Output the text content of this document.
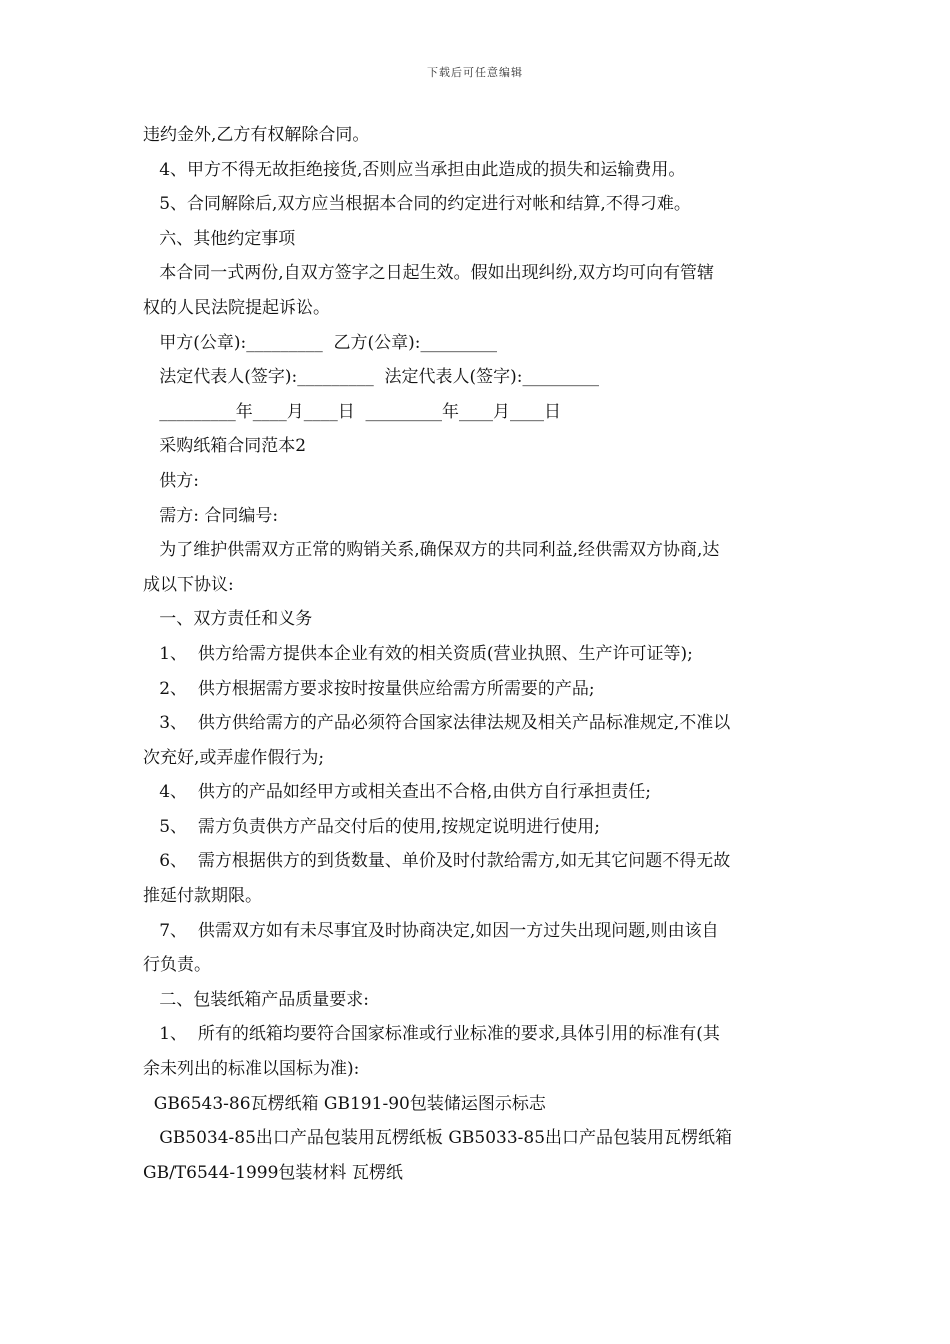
下载后可任意编辑

违约金外,乙方有权解除合同。

4、甲方不得无故拒绝接货,否则应当承担由此造成的损失和运输费用。

5、合同解除后,双方应当根据本合同的约定进行对帐和结算,不得刁难。

六、其他约定事项

本合同一式两份,自双方签字之日起生效。假如出现纠纷,双方均可向有管辖

权的人民法院提起诉讼。

甲方(公章):_________  乙方(公章):_________

法定代表人(签字):_________  法定代表人(签字):_________

_________年____月____日  _________年____月____日

采购纸箱合同范本2

供方:

需方: 合同编号:

为了维护供需双方正常的购销关系,确保双方的共同利益,经供需双方协商,达

成以下协议:

一、双方责任和义务

1、  供方给需方提供本企业有效的相关资质(营业执照、生产许可证等);

2、  供方根据需方要求按时按量供应给需方所需要的产品;

3、  供方供给需方的产品必须符合国家法律法规及相关产品标准规定,不准以

次充好,或弄虚作假行为;

4、  供方的产品如经甲方或相关查出不合格,由供方自行承担责任;

5、  需方负责供方产品交付后的使用,按规定说明进行使用;

6、  需方根据供方的到货数量、单价及时付款给需方,如无其它问题不得无故

推延付款期限。

7、  供需双方如有未尽事宜及时协商决定,如因一方过失出现问题,则由该自

行负责。

二、包装纸箱产品质量要求:

1、  所有的纸箱均要符合国家标准或行业标准的要求,具体引用的标准有(其

余未列出的标准以国标为准):

GB6543-86瓦楞纸箱 GB191-90包装储运图示标志

GB5034-85出口产品包装用瓦楞纸板 GB5033-85出口产品包装用瓦楞纸箱

GB/T6544-1999包装材料 瓦楞纸
